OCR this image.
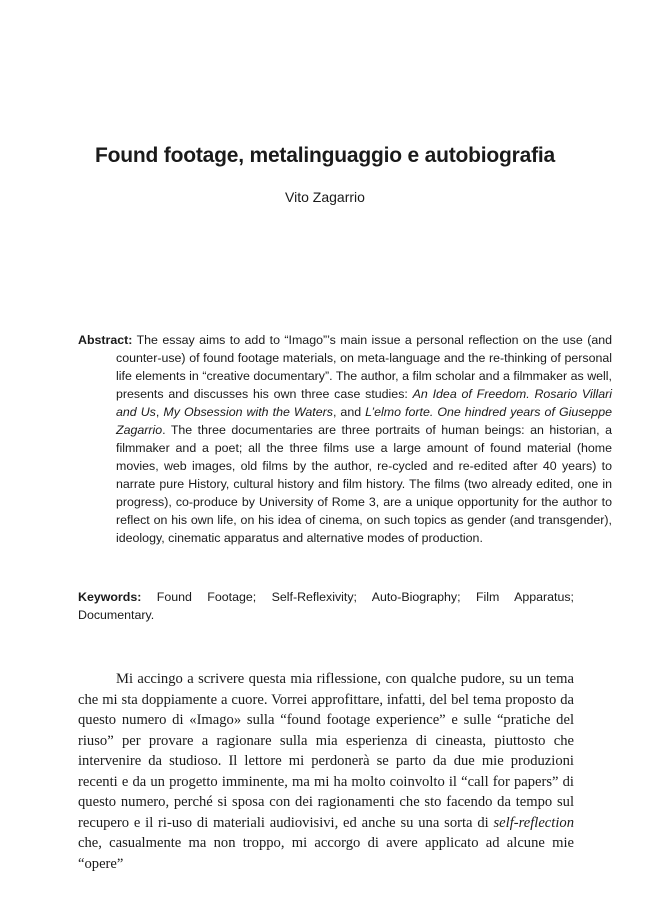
Found footage, metalinguaggio e autobiografia
Vito Zagarrio
Abstract: The essay aims to add to “Imago”’s main issue a personal reflection on the use (and counter-use) of found footage materials, on meta-language and the re-thinking of personal life elements in “creative documentary”. The author, a film scholar and a filmmaker as well, presents and discusses his own three case studies: An Idea of Freedom. Rosario Villari and Us, My Obsession with the Waters, and L’elmo forte. One hindred years of Giuseppe Zagarrio. The three documentaries are three portraits of human beings: an historian, a filmmaker and a poet; all the three films use a large amount of found material (home movies, web images, old films by the author, re-cycled and re-edited after 40 years) to narrate pure History, cultural history and film history. The films (two already edited, one in progress), co-produce by University of Rome 3, are a unique opportunity for the author to reflect on his own life, on his idea of cinema, on such topics as gender (and transgender), ideology, cinematic apparatus and alternative modes of production.
Keywords: Found Footage; Self-Reflexivity; Auto-Biography; Film Apparatus; Documentary.
Mi accingo a scrivere questa mia riflessione, con qualche pudore, su un tema che mi sta doppiamente a cuore. Vorrei approfittare, infatti, del bel tema proposto da questo numero di «Imago» sulla “found footage experience” e sulle “pratiche del riuso” per provare a ragionare sulla mia esperienza di cineasta, piuttosto che intervenire da studioso. Il lettore mi perdonerà se parto da due mie produzioni recenti e da un progetto imminente, ma mi ha molto coinvolto il “call for papers” di questo numero, perché si sposa con dei ragionamenti che sto facendo da tempo sul recupero e il ri-uso di materiali audiovisivi, ed anche su una sorta di self-reflection che, casualmente ma non troppo, mi accorgo di avere applicato ad alcune mie “opere”
